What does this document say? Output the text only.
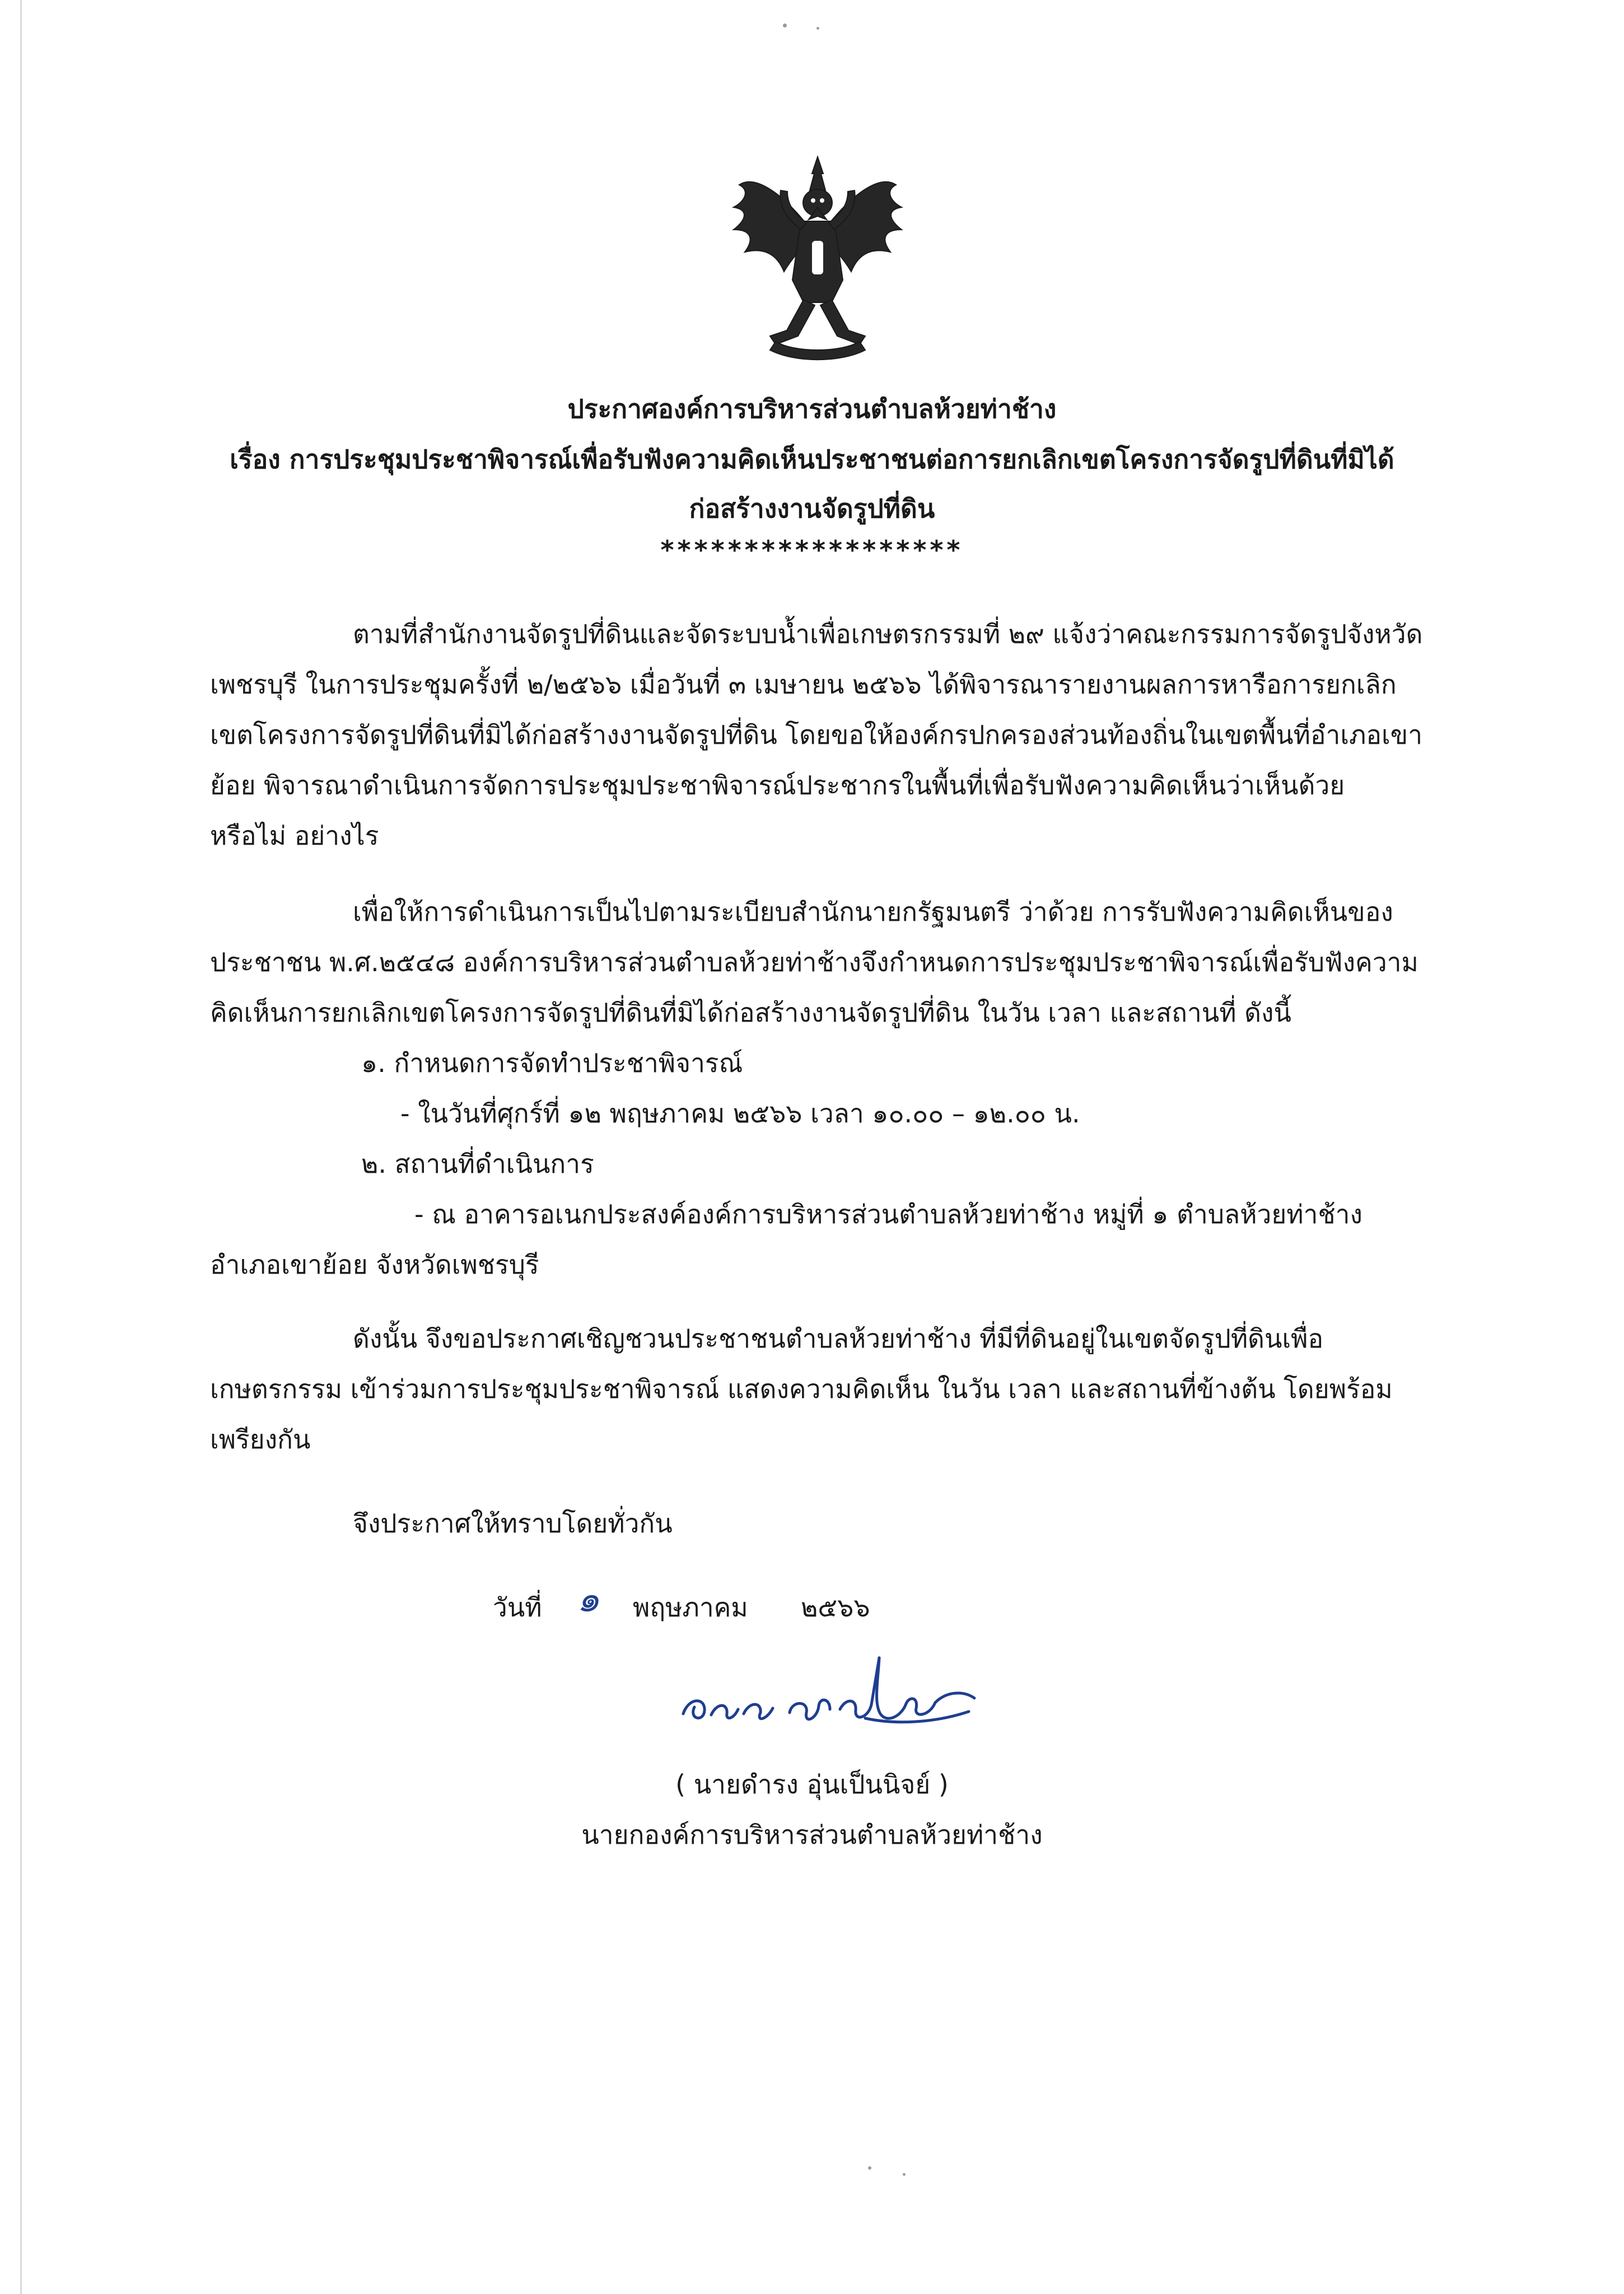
ประกาศองค์การบริหารส่วนตำบลห้วยท่าช้าง
เรื่อง การประชุมประชาพิจารณ์เพื่อรับฟังความคิดเห็นประชาชนต่อการยกเลิกเขตโครงการจัดรูปที่ดินที่มิได้
ก่อสร้างงานจัดรูปที่ดิน
******************
ตามที่สำนักงานจัดรูปที่ดินและจัดระบบน้ำเพื่อเกษตรกรรมที่ ๒๙ แจ้งว่าคณะกรรมการจัดรูปจังหวัด
เพชรบุรี ในการประชุมครั้งที่ ๒/๒๕๖๖ เมื่อวันที่ ๓ เมษายน ๒๕๖๖ ได้พิจารณารายงานผลการหารือการยกเลิก
เขตโครงการจัดรูปที่ดินที่มิได้ก่อสร้างงานจัดรูปที่ดิน โดยขอให้องค์กรปกครองส่วนท้องถิ่นในเขตพื้นที่อำเภอเขา
ย้อย พิจารณาดำเนินการจัดการประชุมประชาพิจารณ์ประชากรในพื้นที่เพื่อรับฟังความคิดเห็นว่าเห็นด้วย
หรือไม่ อย่างไร
เพื่อให้การดำเนินการเป็นไปตามระเบียบสำนักนายกรัฐมนตรี ว่าด้วย การรับฟังความคิดเห็นของ
ประชาชน พ.ศ.๒๕๔๘ องค์การบริหารส่วนตำบลห้วยท่าช้างจึงกำหนดการประชุมประชาพิจารณ์เพื่อรับฟังความ
คิดเห็นการยกเลิกเขตโครงการจัดรูปที่ดินที่มิได้ก่อสร้างงานจัดรูปที่ดิน ในวัน เวลา และสถานที่ ดังนี้
๑. กำหนดการจัดทำประชาพิจารณ์
- ในวันที่ศุกร์ที่ ๑๒ พฤษภาคม ๒๕๖๖ เวลา ๑๐.๐๐ – ๑๒.๐๐ น.
๒. สถานที่ดำเนินการ
- ณ อาคารอเนกประสงค์องค์การบริหารส่วนตำบลห้วยท่าช้าง หมู่ที่ ๑ ตำบลห้วยท่าช้าง
อำเภอเขาย้อย จังหวัดเพชรบุรี
ดังนั้น จึงขอประกาศเชิญชวนประชาชนตำบลห้วยท่าช้าง ที่มีที่ดินอยู่ในเขตจัดรูปที่ดินเพื่อ
เกษตรกรรม เข้าร่วมการประชุมประชาพิจารณ์ แสดงความคิดเห็น ในวัน เวลา และสถานที่ข้างต้น โดยพร้อม
เพรียงกัน
จึงประกาศให้ทราบโดยทั่วกัน
วันที่ ๑ พฤษภาคม ๒๕๖๖
( นายดำรง อุ่นเป็นนิจย์ )
นายกองค์การบริหารส่วนตำบลห้วยท่าช้าง
